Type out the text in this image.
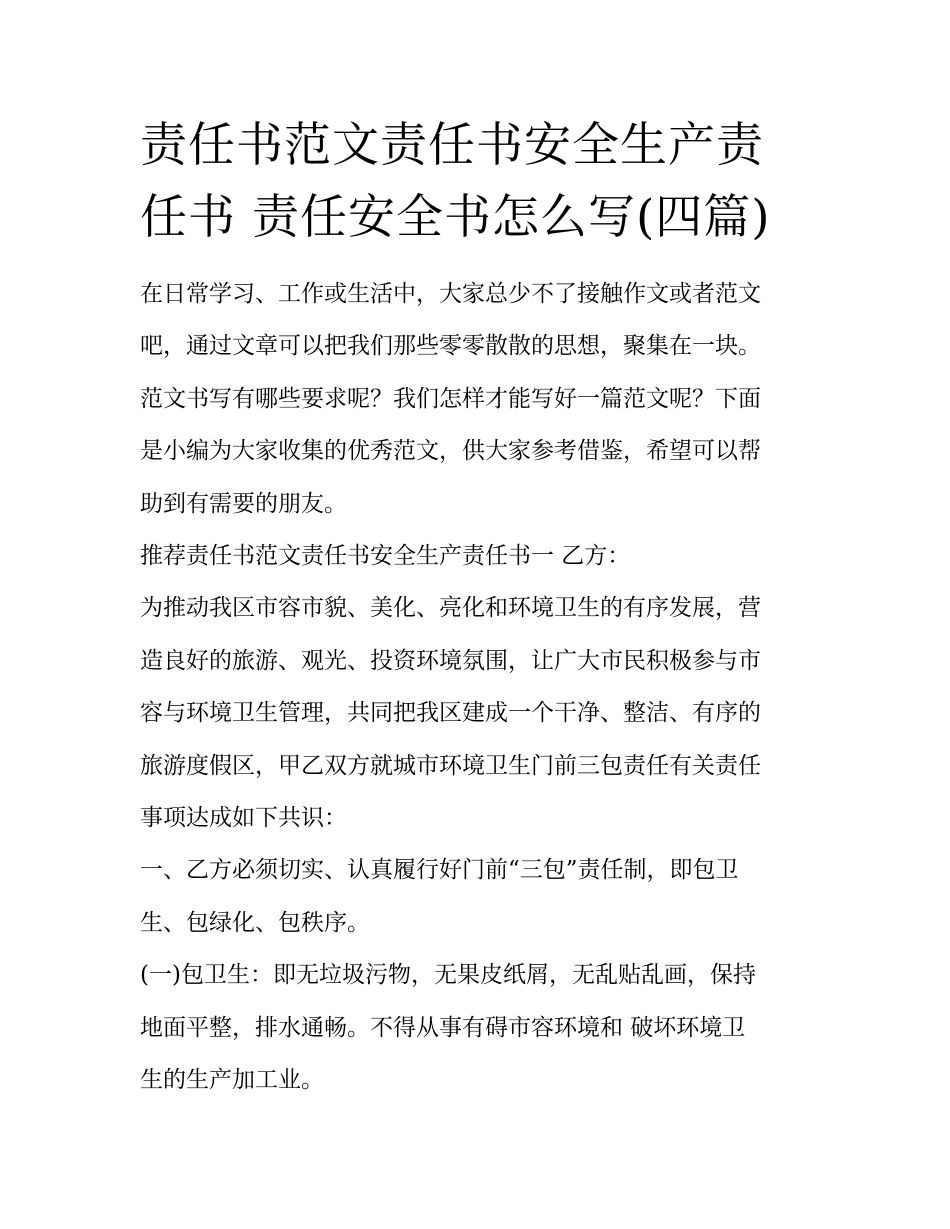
责任书范文责任书安全生产责
任书 责任安全书怎么写(四篇)
在日常学习、工作或生活中，大家总少不了接触作文或者范文
吧，通过文章可以把我们那些零零散散的思想，聚集在一块。
范文书写有哪些要求呢？我们怎样才能写好一篇范文呢？下面
是小编为大家收集的优秀范文，供大家参考借鉴，希望可以帮
助到有需要的朋友。
推荐责任书范文责任书安全生产责任书一 乙方：
为推动我区市容市貌、美化、亮化和环境卫生的有序发展，营
造良好的旅游、观光、投资环境氛围，让广大市民积极参与市
容与环境卫生管理，共同把我区建成一个干净、整洁、有序的
旅游度假区，甲乙双方就城市环境卫生门前三包责任有关责任
事项达成如下共识：
一、乙方必须切实、认真履行好门前“三包”责任制，即包卫
生、包绿化、包秩序。
(一)包卫生：即无垃圾污物，无果皮纸屑，无乱贴乱画，保持
地面平整，排水通畅。不得从事有碍市容环境和 破坏环境卫
生的生产加工业。
